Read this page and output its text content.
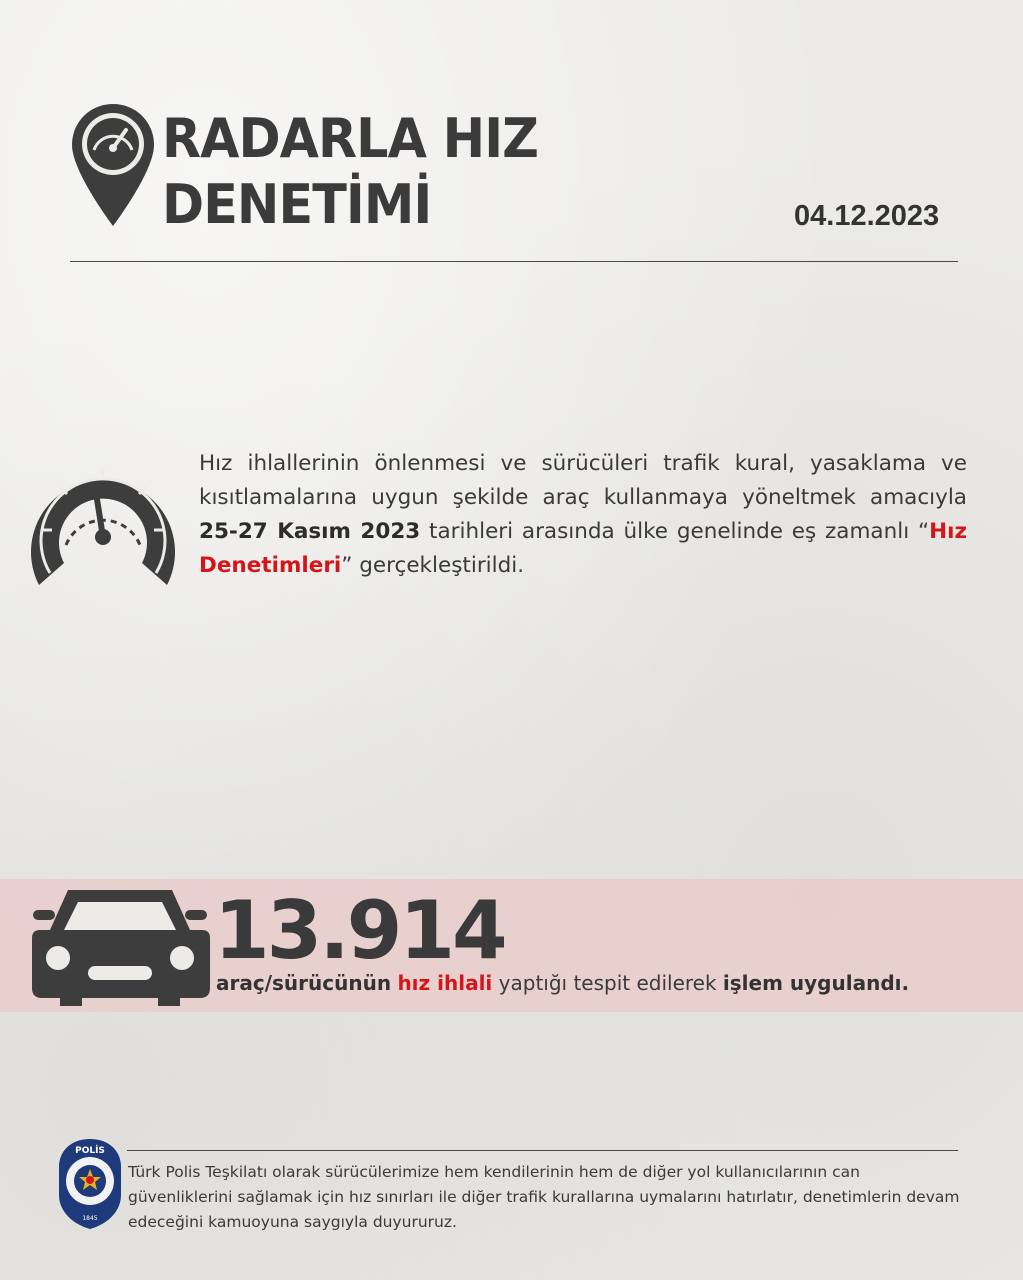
RADARLA HIZ
DENETİMİ	04.12.2023
Hız ihlallerinin önlenmesi ve sürücüleri trafik kural, yasaklama ve kısıtlamalarına uygun şekilde araç kullanmaya yöneltmek amacıyla 25-27 Kasım 2023 tarihleri arasında ülke genelinde eş zamanlı “Hız Denetimleri” gerçekleştirildi.
13.914
araç/sürücünün hız ihlali yaptığı tespit edilerek işlem uygulandı.
POLİS
1845
Türk Polis Teşkilatı olarak sürücülerimize hem kendilerinin hem de diğer yol kullanıcılarının can güvenliklerini sağlamak için hız sınırları ile diğer trafik kurallarına uymalarını hatırlatır, denetimlerin devam edeceğini kamuoyuna saygıyla duyururuz.
